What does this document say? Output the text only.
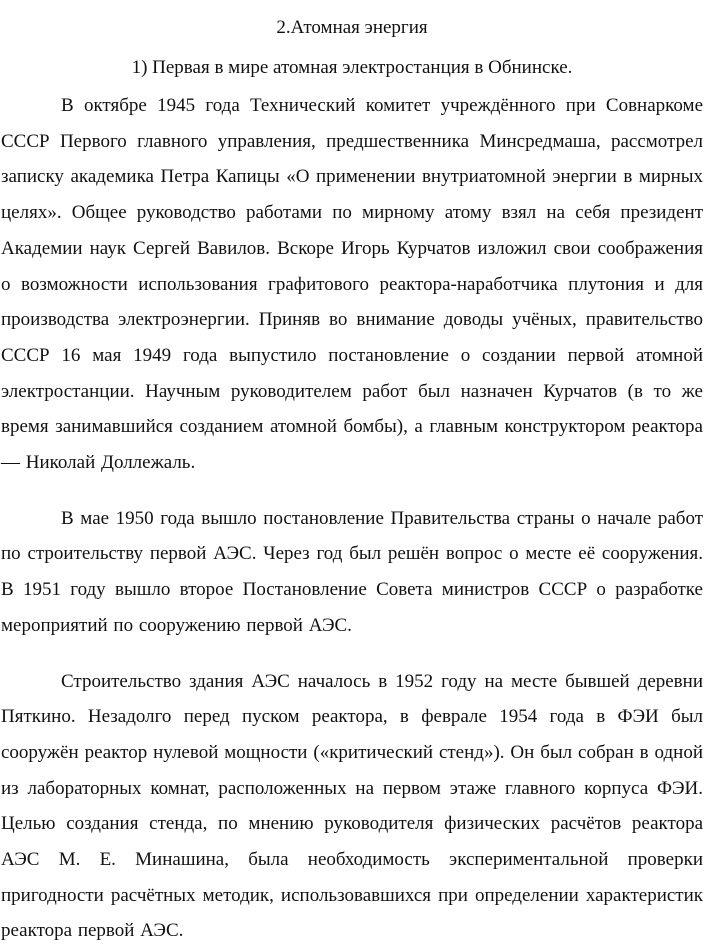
2.Атомная энергия
1) Первая в мире атомная электростанция в Обнинске.

В октябре 1945 года Технический комитет учреждённого при Совнаркоме СССР Первого главного управления, предшественника Минсредмаша, рассмотрел записку академика Петра Капицы «О применении внутриатомной энергии в мирных целях». Общее руководство работами по мирному атому взял на себя президент Академии наук Сергей Вавилов. Вскоре Игорь Курчатов изложил свои соображения о возможности использования графитового реактора-наработчика плутония и для производства электроэнергии. Приняв во внимание доводы учёных, правительство СССР 16 мая 1949 года выпустило постановление о создании первой атомной электростанции. Научным руководителем работ был назначен Курчатов (в то же время занимавшийся созданием атомной бомбы), а главным конструктором реактора — Николай Доллежаль.

В мае 1950 года вышло постановление Правительства страны о начале работ по строительству первой АЭС. Через год был решён вопрос о месте её сооружения. В 1951 году вышло второе Постановление Совета министров СССР о разработке мероприятий по сооружению первой АЭС.

Строительство здания АЭС началось в 1952 году на месте бывшей деревни Пяткино. Незадолго перед пуском реактора, в феврале 1954 года в ФЭИ был сооружён реактор нулевой мощности («критический стенд»). Он был собран в одной из лабораторных комнат, расположенных на первом этаже главного корпуса ФЭИ. Целью создания стенда, по мнению руководителя физических расчётов реактора АЭС М. Е. Минашина, была необходимость экспериментальной проверки пригодности расчётных методик, использовавшихся при определении характеристик реактора первой АЭС.
